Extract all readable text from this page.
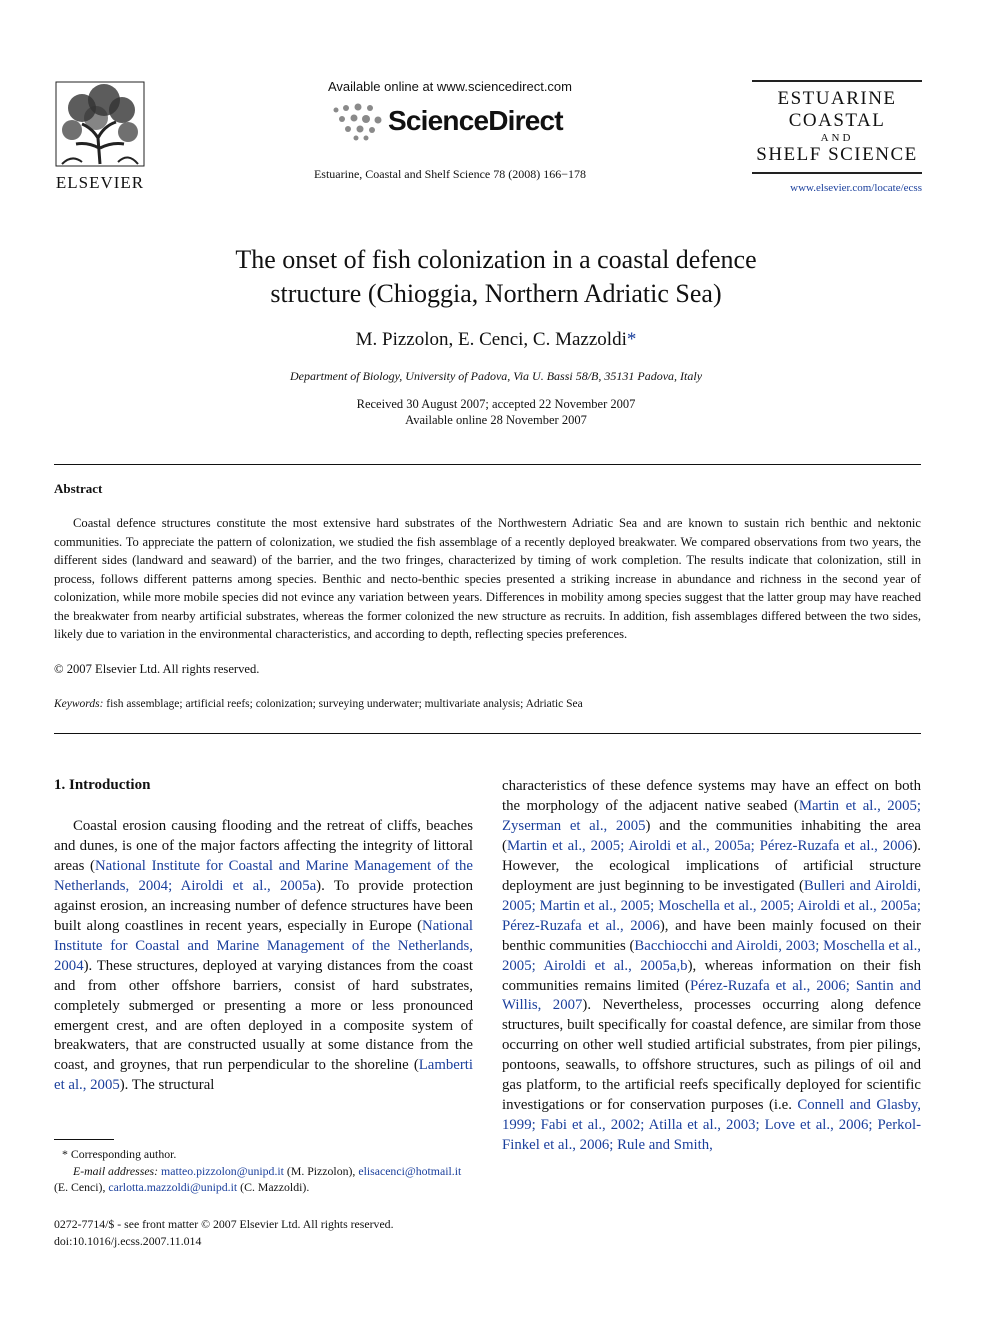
ELSEVIER
Available online at www.sciencedirect.com
ScienceDirect
Estuarine, Coastal and Shelf Science 78 (2008) 166−178
ESTUARINE
COASTAL
AND
SHELF SCIENCE
www.elsevier.com/locate/ecss
The onset of fish colonization in a coastal defence
structure (Chioggia, Northern Adriatic Sea)
M. Pizzolon, E. Cenci, C. Mazzoldi*
Department of Biology, University of Padova, Via U. Bassi 58/B, 35131 Padova, Italy
Received 30 August 2007; accepted 22 November 2007
Available online 28 November 2007
Abstract
Coastal defence structures constitute the most extensive hard substrates of the Northwestern Adriatic Sea and are known to sustain rich benthic and nektonic communities. To appreciate the pattern of colonization, we studied the fish assemblage of a recently deployed breakwater. We compared observations from two years, the different sides (landward and seaward) of the barrier, and the two fringes, characterized by timing of work completion. The results indicate that colonization, still in process, follows different patterns among species. Benthic and necto-benthic species presented a striking increase in abundance and richness in the second year of colonization, while more mobile species did not evince any variation between years. Differences in mobility among species suggest that the latter group may have reached the breakwater from nearby artificial substrates, whereas the former colonized the new structure as recruits. In addition, fish assemblages differed between the two sides, likely due to variation in the environmental characteristics, and according to depth, reflecting species preferences.
© 2007 Elsevier Ltd. All rights reserved.
Keywords: fish assemblage; artificial reefs; colonization; surveying underwater; multivariate analysis; Adriatic Sea
1. Introduction
Coastal erosion causing flooding and the retreat of cliffs, beaches and dunes, is one of the major factors affecting the integrity of littoral areas (National Institute for Coastal and Marine Management of the Netherlands, 2004; Airoldi et al., 2005a). To provide protection against erosion, an increasing number of defence structures have been built along coastlines in recent years, especially in Europe (National Institute for Coastal and Marine Management of the Netherlands, 2004). These structures, deployed at varying distances from the coast and from other offshore barriers, consist of hard substrates, completely submerged or presenting a more or less pronounced emergent crest, and are often deployed in a composite system of breakwaters, that are constructed usually at some distance from the coast, and groynes, that run perpendicular to the shoreline (Lamberti et al., 2005). The structural
characteristics of these defence systems may have an effect on both the morphology of the adjacent native seabed (Martin et al., 2005; Zyserman et al., 2005) and the communities inhabiting the area (Martin et al., 2005; Airoldi et al., 2005a; Pérez-Ruzafa et al., 2006). However, the ecological implications of artificial structure deployment are just beginning to be investigated (Bulleri and Airoldi, 2005; Martin et al., 2005; Moschella et al., 2005; Airoldi et al., 2005a; Pérez-Ruzafa et al., 2006), and have been mainly focused on their benthic communities (Bacchiocchi and Airoldi, 2003; Moschella et al., 2005; Airoldi et al., 2005a,b), whereas information on their fish communities remains limited (Pérez-Ruzafa et al., 2006; Santin and Willis, 2007). Nevertheless, processes occurring along defence structures, built specifically for coastal defence, are similar from those occurring on other well studied artificial substrates, from pier pilings, pontoons, seawalls, to offshore structures, such as pilings of oil and gas platform, to the artificial reefs specifically deployed for scientific investigations or for conservation purposes (i.e. Connell and Glasby, 1999; Fabi et al., 2002; Atilla et al., 2003; Love et al., 2006; Perkol-Finkel et al., 2006; Rule and Smith,
* Corresponding author.
E-mail addresses: matteo.pizzolon@unipd.it (M. Pizzolon), elisacenci@hotmail.it (E. Cenci), carlotta.mazzoldi@unipd.it (C. Mazzoldi).
0272-7714/$ - see front matter © 2007 Elsevier Ltd. All rights reserved.
doi:10.1016/j.ecss.2007.11.014
